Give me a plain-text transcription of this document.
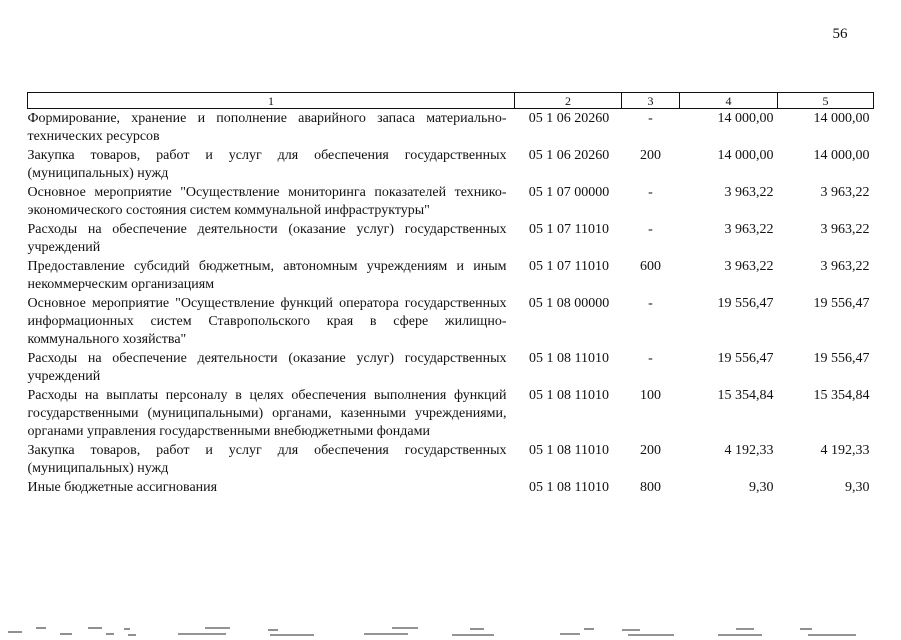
56
1	2	3	4	5
Формирование, хранение и пополнение аварийного запаса материально-технических ресурсов	05 1 06 20260	-	14 000,00	14 000,00
Закупка товаров, работ и услуг для обеспечения государственных (муниципальных) нужд	05 1 06 20260	200	14 000,00	14 000,00
Основное мероприятие "Осуществление мониторинга показателей технико-экономического состояния систем коммунальной инфраструктуры"	05 1 07 00000	-	3 963,22	3 963,22
Расходы на обеспечение деятельности (оказание услуг) государственных учреждений	05 1 07 11010	-	3 963,22	3 963,22
Предоставление субсидий бюджетным, автономным учреждениям и иным некоммерческим организациям	05 1 07 11010	600	3 963,22	3 963,22
Основное мероприятие "Осуществление функций оператора государственных информационных систем Ставропольского края в сфере жилищно-коммунального хозяйства"	05 1 08 00000	-	19 556,47	19 556,47
Расходы на обеспечение деятельности (оказание услуг) государственных учреждений	05 1 08 11010	-	19 556,47	19 556,47
Расходы на выплаты персоналу в целях обеспечения выполнения функций государственными (муниципальными) органами, казенными учреждениями, органами управления государственными внебюджетными фондами	05 1 08 11010	100	15 354,84	15 354,84
Закупка товаров, работ и услуг для обеспечения государственных (муниципальных) нужд	05 1 08 11010	200	4 192,33	4 192,33
Иные бюджетные ассигнования	05 1 08 11010	800	9,30	9,30
